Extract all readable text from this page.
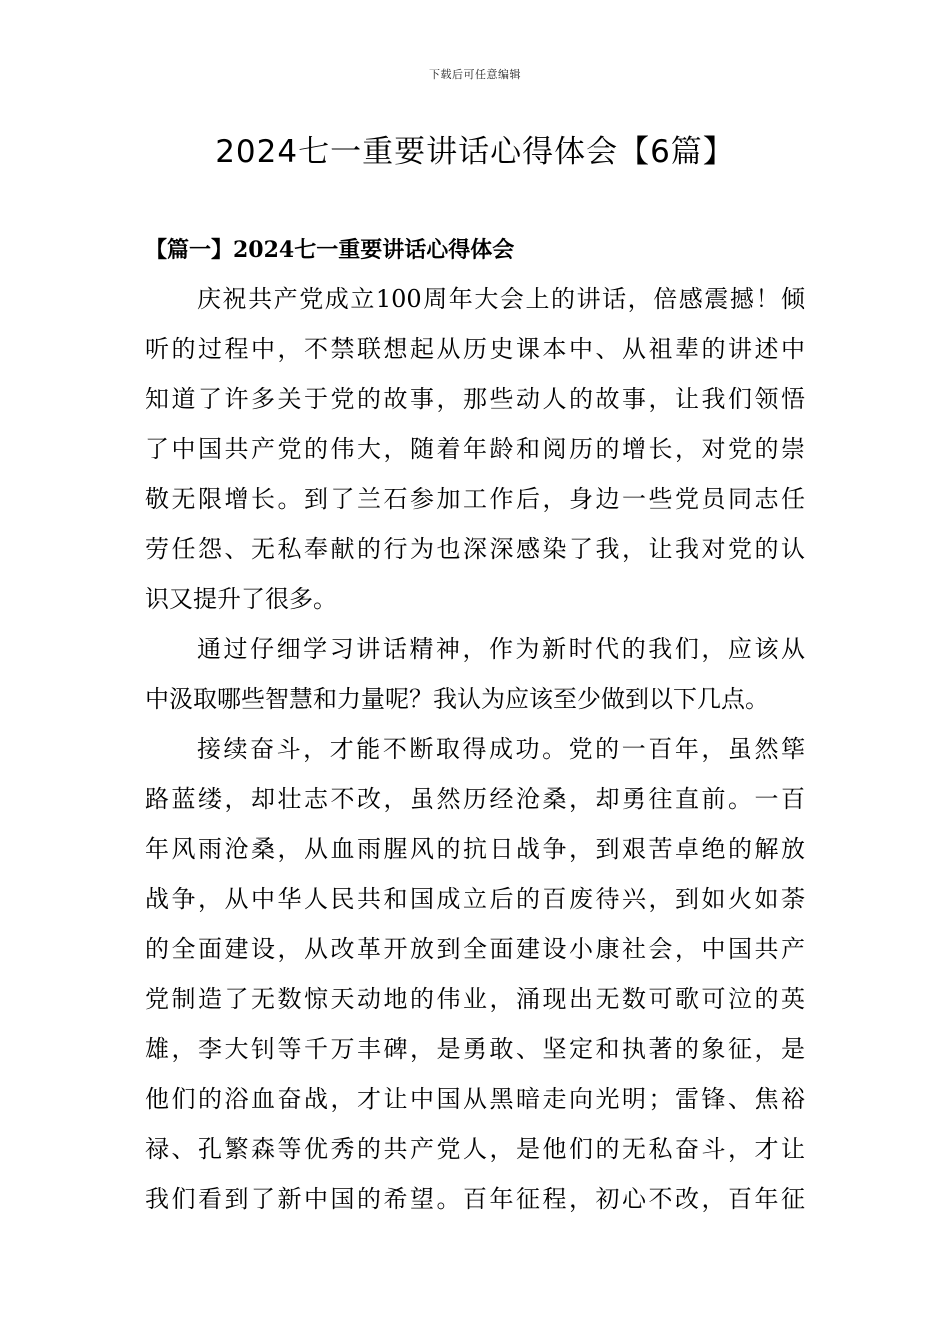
下载后可任意编辑
2024七一重要讲话心得体会【6篇】
【篇一】2024七一重要讲话心得体会
庆祝共产党成立100周年大会上的讲话，倍感震撼！倾
听的过程中，不禁联想起从历史课本中、从祖辈的讲述中
知道了许多关于党的故事，那些动人的故事，让我们领悟
了中国共产党的伟大，随着年龄和阅历的增长，对党的崇
敬无限增长。到了兰石参加工作后，身边一些党员同志任
劳任怨、无私奉献的行为也深深感染了我，让我对党的认
识又提升了很多。
通过仔细学习讲话精神，作为新时代的我们，应该从
中汲取哪些智慧和力量呢？我认为应该至少做到以下几点。
接续奋斗，才能不断取得成功。党的一百年，虽然筚
路蓝缕，却壮志不改，虽然历经沧桑，却勇往直前。一百
年风雨沧桑，从血雨腥风的抗日战争，到艰苦卓绝的解放
战争，从中华人民共和国成立后的百废待兴，到如火如荼
的全面建设，从改革开放到全面建设小康社会，中国共产
党制造了无数惊天动地的伟业，涌现出无数可歌可泣的英
雄，李大钊等千万丰碑，是勇敢、坚定和执著的象征，是
他们的浴血奋战，才让中国从黑暗走向光明；雷锋、焦裕
禄、孔繁森等优秀的共产党人，是他们的无私奋斗，才让
我们看到了新中国的希望。百年征程，初心不改，百年征
